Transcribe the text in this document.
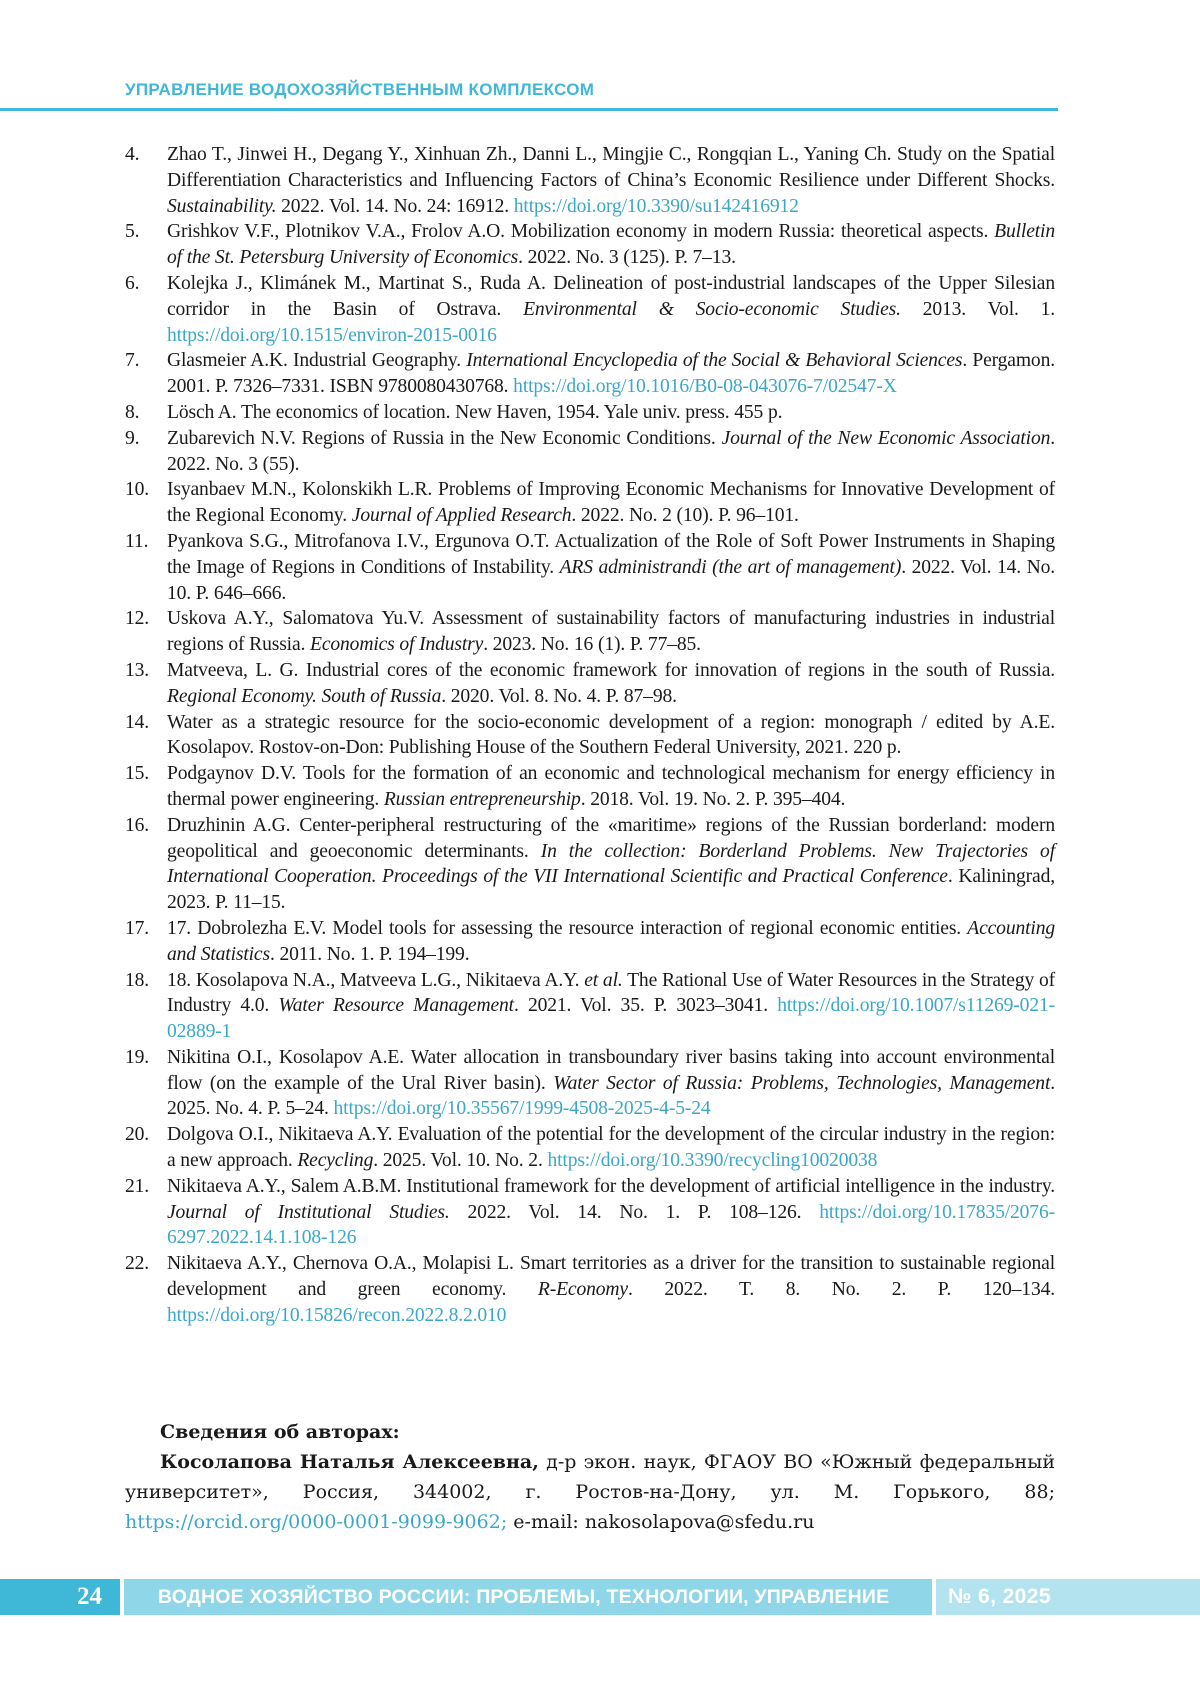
УПРАВЛЕНИЕ ВОДОХОЗЯЙСТВЕННЫМ КОМПЛЕКСОМ
4. Zhao T., Jinwei H., Degang Y., Xinhuan Zh., Danni L., Mingjie C., Rongqian L., Yaning Ch. Study on the Spatial Differentiation Characteristics and Influencing Factors of China’s Economic Resilience under Different Shocks. Sustainability. 2022. Vol. 14. No. 24: 16912. https://doi.org/10.3390/su142416912
5. Grishkov V.F., Plotnikov V.A., Frolov A.O. Mobilization economy in modern Russia: theoretical aspects. Bulletin of the St. Petersburg University of Economics. 2022. No. 3 (125). P. 7–13.
6. Kolejka J., Klimánek M., Martinat S., Ruda A. Delineation of post-industrial landscapes of the Upper Silesian corridor in the Basin of Ostrava. Environmental & Socio-economic Studies. 2013. Vol. 1. https://doi.org/10.1515/environ-2015-0016
7. Glasmeier A.K. Industrial Geography. International Encyclopedia of the Social & Behavioral Sciences. Pergamon. 2001. P. 7326–7331. ISBN 9780080430768. https://doi.org/10.1016/B0-08-043076-7/02547-X
8. Lösch A. The economics of location. New Haven, 1954. Yale univ. press. 455 p.
9. Zubarevich N.V. Regions of Russia in the New Economic Conditions. Journal of the New Economic Association. 2022. No. 3 (55).
10. Isyanbaev M.N., Kolonskikh L.R. Problems of Improving Economic Mechanisms for Innovative Development of the Regional Economy. Journal of Applied Research. 2022. No. 2 (10). P. 96–101.
11. Pyankova S.G., Mitrofanova I.V., Ergunova O.T. Actualization of the Role of Soft Power Instruments in Shaping the Image of Regions in Conditions of Instability. ARS administrandi (the art of management). 2022. Vol. 14. No. 10. P. 646–666.
12. Uskova A.Y., Salomatova Yu.V. Assessment of sustainability factors of manufacturing industries in industrial regions of Russia. Economics of Industry. 2023. No. 16 (1). P. 77–85.
13. Matveeva, L. G. Industrial cores of the economic framework for innovation of regions in the south of Russia. Regional Economy. South of Russia. 2020. Vol. 8. No. 4. P. 87–98.
14. Water as a strategic resource for the socio-economic development of a region: monograph / edited by A.E. Kosolapov. Rostov-on-Don: Publishing House of the Southern Federal University, 2021. 220 p.
15. Podgaynov D.V. Tools for the formation of an economic and technological mechanism for energy efficiency in thermal power engineering. Russian entrepreneurship. 2018. Vol. 19. No. 2. P. 395–404.
16. Druzhinin A.G. Center-peripheral restructuring of the «maritime» regions of the Russian borderland: modern geopolitical and geoeconomic determinants. In the collection: Borderland Problems. New Trajectories of International Cooperation. Proceedings of the VII International Scientific and Practical Conference. Kaliningrad, 2023. P. 11–15.
17. 17. Dobrolezha E.V. Model tools for assessing the resource interaction of regional economic entities. Accounting and Statistics. 2011. No. 1. P. 194–199.
18. 18. Kosolapova N.A., Matveeva L.G., Nikitaeva A.Y. et al. The Rational Use of Water Resources in the Strategy of Industry 4.0. Water Resource Management. 2021. Vol. 35. P. 3023–3041. https://doi.org/10.1007/s11269-021-02889-1
19. Nikitina O.I., Kosolapov A.E. Water allocation in transboundary river basins taking into account environmental flow (on the example of the Ural River basin). Water Sector of Russia: Problems, Technologies, Management. 2025. No. 4. P. 5–24. https://doi.org/10.35567/1999-4508-2025-4-5-24
20. Dolgova O.I., Nikitaeva A.Y. Evaluation of the potential for the development of the circular industry in the region: a new approach. Recycling. 2025. Vol. 10. No. 2. https://doi.org/10.3390/recycling10020038
21. Nikitaeva A.Y., Salem A.B.M. Institutional framework for the development of artificial intelligence in the industry. Journal of Institutional Studies. 2022. Vol. 14. No. 1. P. 108–126. https://doi.org/10.17835/2076-6297.2022.14.1.108-126
22. Nikitaeva A.Y., Chernova O.A., Molapisi L. Smart territories as a driver for the transition to sustainable regional development and green economy. R-Economy. 2022. T. 8. No. 2. P. 120–134. https://doi.org/10.15826/recon.2022.8.2.010
Сведения об авторах:

Косолапова Наталья Алексеевна, д-р экон. наук, ФГАОУ ВО «Южный федеральный университет», Россия, 344002, г. Ростов-на-Дону, ул. М. Горького, 88; https://orcid.org/0000-0001-9099-9062; e-mail: nakosolapova@sfedu.ru

24	ВОДНОЕ ХОЗЯЙСТВО РОССИИ: ПРОБЛЕМЫ, ТЕХНОЛОГИИ, УПРАВЛЕНИЕ	№ 6, 2025
